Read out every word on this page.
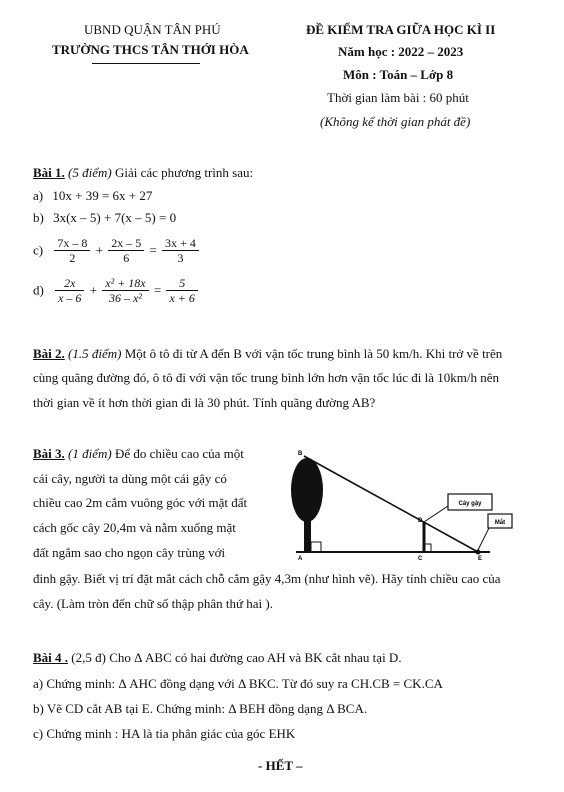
UBND QUẬN TÂN PHÚ
TRƯỜNG THCS TÂN THỚI HÒA
ĐỀ KIỂM TRA GIỮA HỌC KÌ II
Năm học : 2022 – 2023
Môn : Toán – Lớp 8
Thời gian làm bài : 60 phút
(Không kể thời gian phát đề)
Bài 1. (5 điểm) Giải các phương trình sau:
a) 10x + 39 = 6x + 27
b) 3x(x – 5) + 7(x – 5) = 0
$c) \frac{7x - 8}{2} + \frac{2x - 5}{6} = \frac{3x + 4}{3}$
$d) \frac{2x}{x - 6} + \frac{\text{x² + 18x}}{\text{36 – x²}} = \frac{5}{x + 6}$
Bài 2. (1.5 điểm) Một ô tô đi từ A đến B với vận tốc trung bình là 50 km/h. Khi trở về trên
cùng quãng đường đó, ô tô đi với vận tốc trung bình lớn hơn vận tốc lúc đi là 10km/h nên
thời gian về ít hơn thời gian đi là 30 phút. Tính quãng đường AB?
Bài 3. (1 điểm) Để đo chiều cao của một
cái cây, người ta dùng một cái gậy có
chiều cao 2m cắm vuông góc với mặt đất
cách gốc cây 20,4m và nằm xuống mặt
đất ngắm sao cho ngọn cây trùng với
đinh gậy. Biết vị trí đặt mắt cách chỗ cắm gậy 4,3m (như hình vẽ). Hãy tính chiều cao của
cây. (Làm tròn đến chữ số thập phân thứ hai ).
Cây gậy
Mắt
B
A
D
C	E
Bài 4 . (2,5 đ) Cho Δ ABC có hai đường cao AH và BK cắt nhau tại D.
a) Chứng minh: Δ AHC đồng dạng với Δ BKC. Từ đó suy ra CH.CB = CK.CA
b) Vẽ CD cắt AB tại E. Chứng minh: Δ BEH đồng dạng Δ BCA.
c) Chứng minh : HA là tia phân giác của góc EHK
- HẾT –
